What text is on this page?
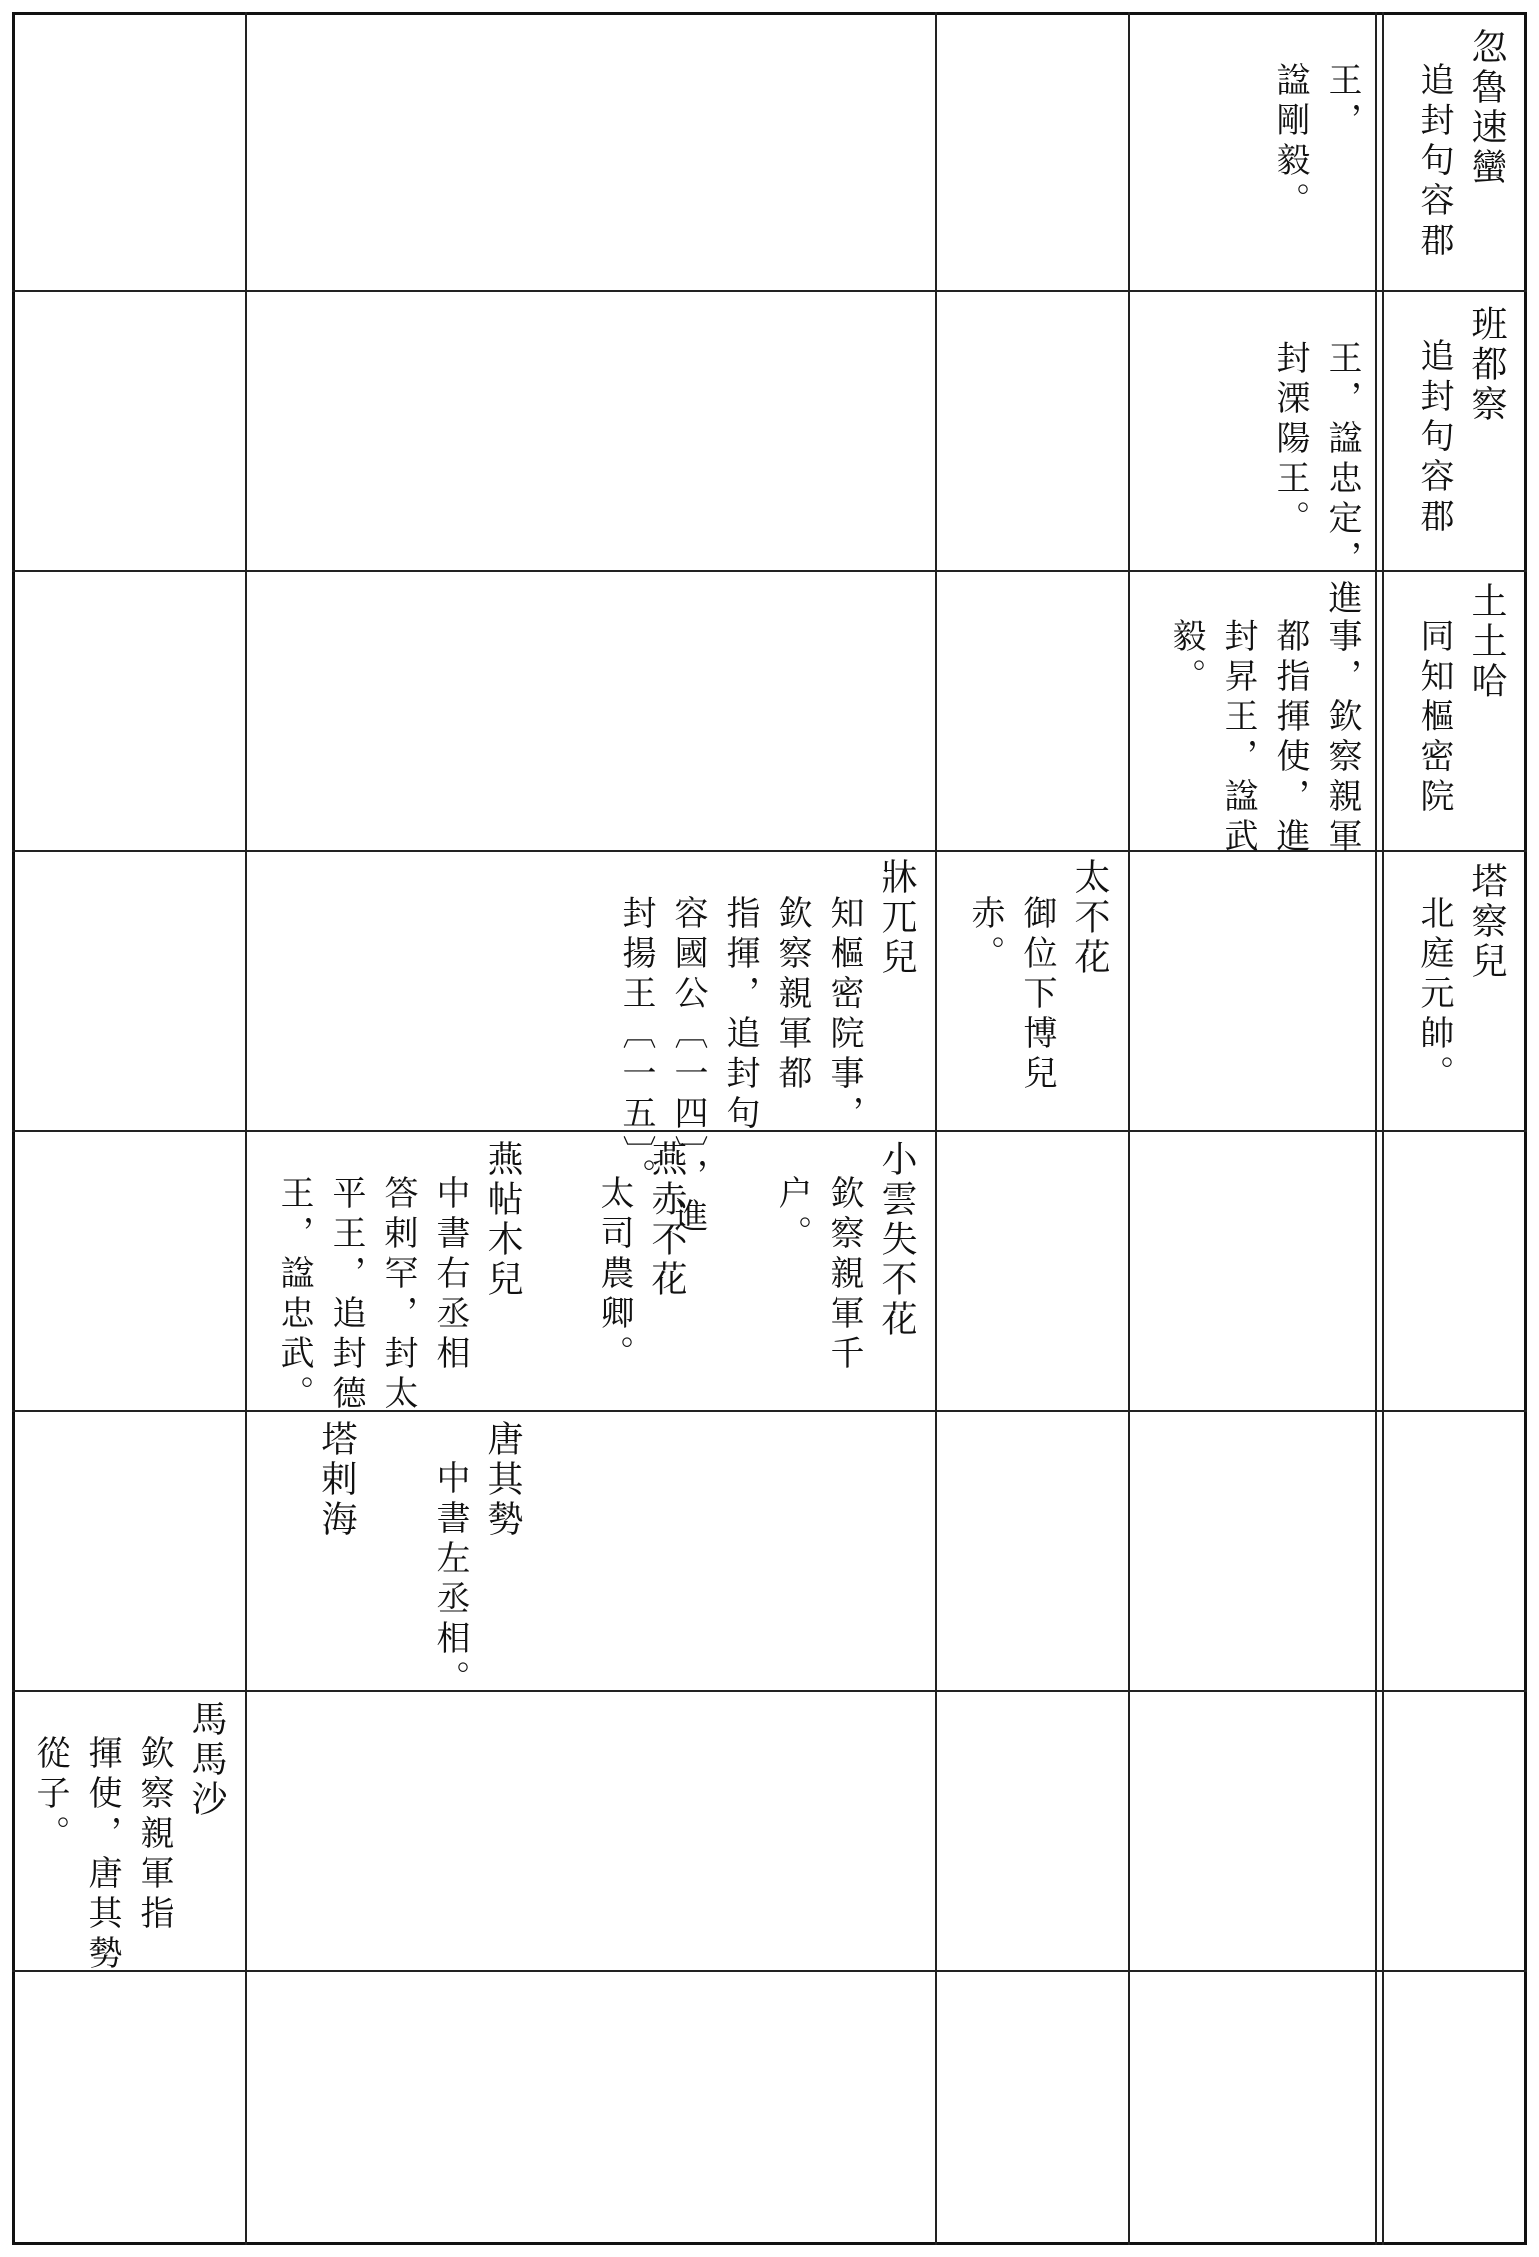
忽魯速蠻
追封句容郡
王，
諡剛毅。
班都察
追封句容郡
王，諡忠定，進
封溧陽王。
土土哈
同知樞密院
事，欽察親軍
都指揮使，進
封昇王，諡武
毅。
塔察兒
北庭元帥。
太不花
御位下博兒
赤。
牀兀兒
知樞密院事，
欽察親軍都
指揮，追封句
容國公〔一四〕，進
封揚王〔一五〕。
小雲失不花
欽察親軍千
户。
燕赤不花
太司農卿。
燕帖木兒
中書右丞相
答剌罕，封太
平王，追封德
王，諡忠武。
唐其勢
中書左丞相。
塔剌海
馬馬沙
欽察親軍指
揮使，唐其勢
從子。
